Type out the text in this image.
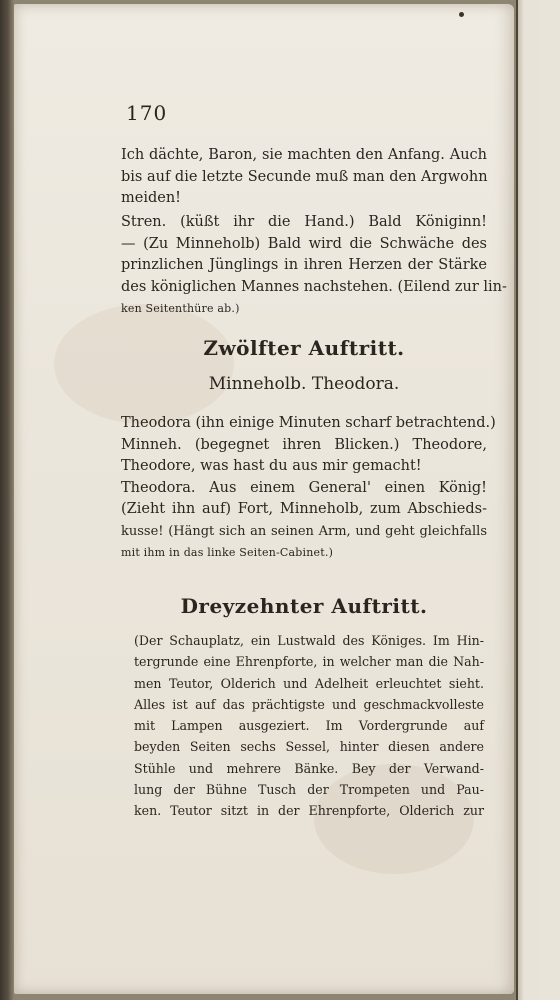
170
Ich dächte, Baron, sie machten den Anfang. Auch
bis auf die letzte Secunde muß man den Argwohn
meiden!
Stren. (küßt ihr die Hand.) Bald Königinn!
— (Zu Minneholb) Bald wird die Schwäche des
prinzlichen Jünglings in ihren Herzen der Stärke
des königlichen Mannes nachstehen. (Eilend zur lin-
ken Seitenthüre ab.)
Zwölfter Auftritt.
Minneholb. Theodora.
Theodora (ihn einige Minuten scharf betrachtend.)
Minneh. (begegnet ihren Blicken.) Theodore,
Theodore, was hast du aus mir gemacht!
Theodora. Aus einem General' einen König!
(Zieht ihn auf) Fort, Minneholb, zum Abschieds-
kusse! (Hängt sich an seinen Arm, und geht gleichfalls
mit ihm in das linke Seiten-Cabinet.)
Dreyzehnter Auftritt.
(Der Schauplatz, ein Lustwald des Königes. Im Hin-
tergrunde eine Ehrenpforte, in welcher man die Nah-
men Teutor, Olderich und Adelheit erleuchtet sieht.
Alles ist auf das prächtigste und geschmackvolleste
mit Lampen ausgeziert. Im Vordergrunde auf
beyden Seiten sechs Sessel, hinter diesen andere
Stühle und mehrere Bänke. Bey der Verwand-
lung der Bühne Tusch der Trompeten und Pau-
ken. Teutor sitzt in der Ehrenpforte, Olderich zur
